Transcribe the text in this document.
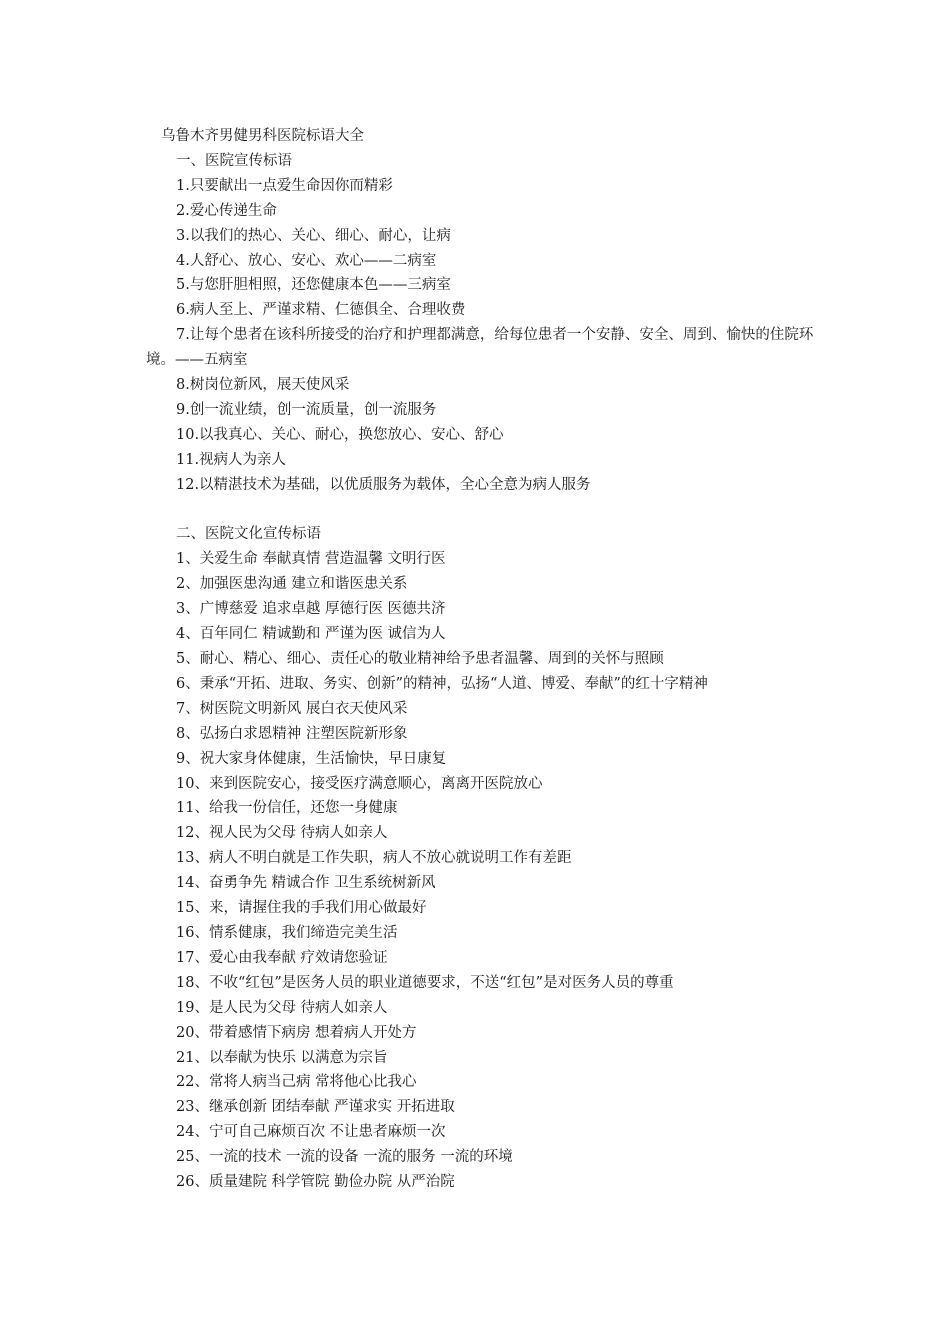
乌鲁木齐男健男科医院标语大全
一、医院宣传标语
1.只要献出一点爱生命因你而精彩
2.爱心传递生命
3.以我们的热心、关心、细心、耐心，让病
4.人舒心、放心、安心、欢心——二病室
5.与您肝胆相照，还您健康本色——三病室
6.病人至上、严谨求精、仁德俱全、合理收费
7.让每个患者在该科所接受的治疗和护理都满意，给每位患者一个安静、安全、周到、愉快的住院环境。——五病室
8.树岗位新风，展天使风采
9.创一流业绩，创一流质量，创一流服务
10.以我真心、关心、耐心，换您放心、安心、舒心
11.视病人为亲人
12.以精湛技术为基础，以优质服务为载体，全心全意为病人服务
二、医院文化宣传标语
1、关爱生命 奉献真情 营造温馨 文明行医
2、加强医患沟通 建立和谐医患关系
3、广博慈爱 追求卓越 厚德行医 医德共济
4、百年同仁 精诚勤和 严谨为医 诚信为人
5、耐心、精心、细心、责任心的敬业精神给予患者温馨、周到的关怀与照顾
6、秉承“开拓、进取、务实、创新”的精神，弘扬“人道、博爱、奉献”的红十字精神
7、树医院文明新风 展白衣天使风采
8、弘扬白求恩精神 注塑医院新形象
9、祝大家身体健康，生活愉快，早日康复
10、来到医院安心，接受医疗满意顺心，离离开医院放心
11、给我一份信任，还您一身健康
12、视人民为父母 待病人如亲人
13、病人不明白就是工作失职，病人不放心就说明工作有差距
14、奋勇争先 精诚合作 卫生系统树新风
15、来，请握住我的手我们用心做最好
16、情系健康，我们缔造完美生活
17、爱心由我奉献 疗效请您验证
18、不收“红包”是医务人员的职业道德要求，不送“红包”是对医务人员的尊重
19、是人民为父母 待病人如亲人
20、带着感情下病房 想着病人开处方
21、以奉献为快乐 以满意为宗旨
22、常将人病当己病 常将他心比我心
23、继承创新 团结奉献 严谨求实 开拓进取
24、宁可自己麻烦百次 不让患者麻烦一次
25、一流的技术 一流的设备 一流的服务 一流的环境
26、质量建院 科学管院 勤俭办院 从严治院
